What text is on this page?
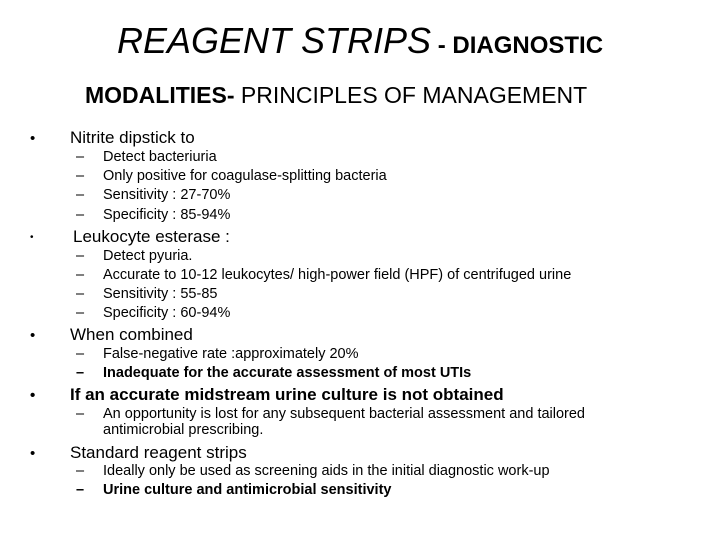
REAGENT STRIPS - DIAGNOSTIC
MODALITIES- PRINCIPLES OF MANAGEMENT
• Nitrite dipstick to
– Detect bacteriuria
– Only positive for coagulase-splitting bacteria
– Sensitivity : 27-70%
– Specificity : 85-94%
• Leukocyte esterase :
– Detect pyuria.
– Accurate to 10-12 leukocytes/ high-power field (HPF) of centrifuged urine
– Sensitivity : 55-85
– Specificity : 60-94%
• When combined
– False-negative rate :approximately 20%
– Inadequate for the accurate assessment of most UTIs
• If an accurate midstream urine culture is not obtained
– An opportunity is lost for any subsequent bacterial assessment and tailored
antimicrobial prescribing.
• Standard reagent strips
– Ideally only be used as screening aids in the initial diagnostic work-up
– Urine culture and antimicrobial sensitivity
